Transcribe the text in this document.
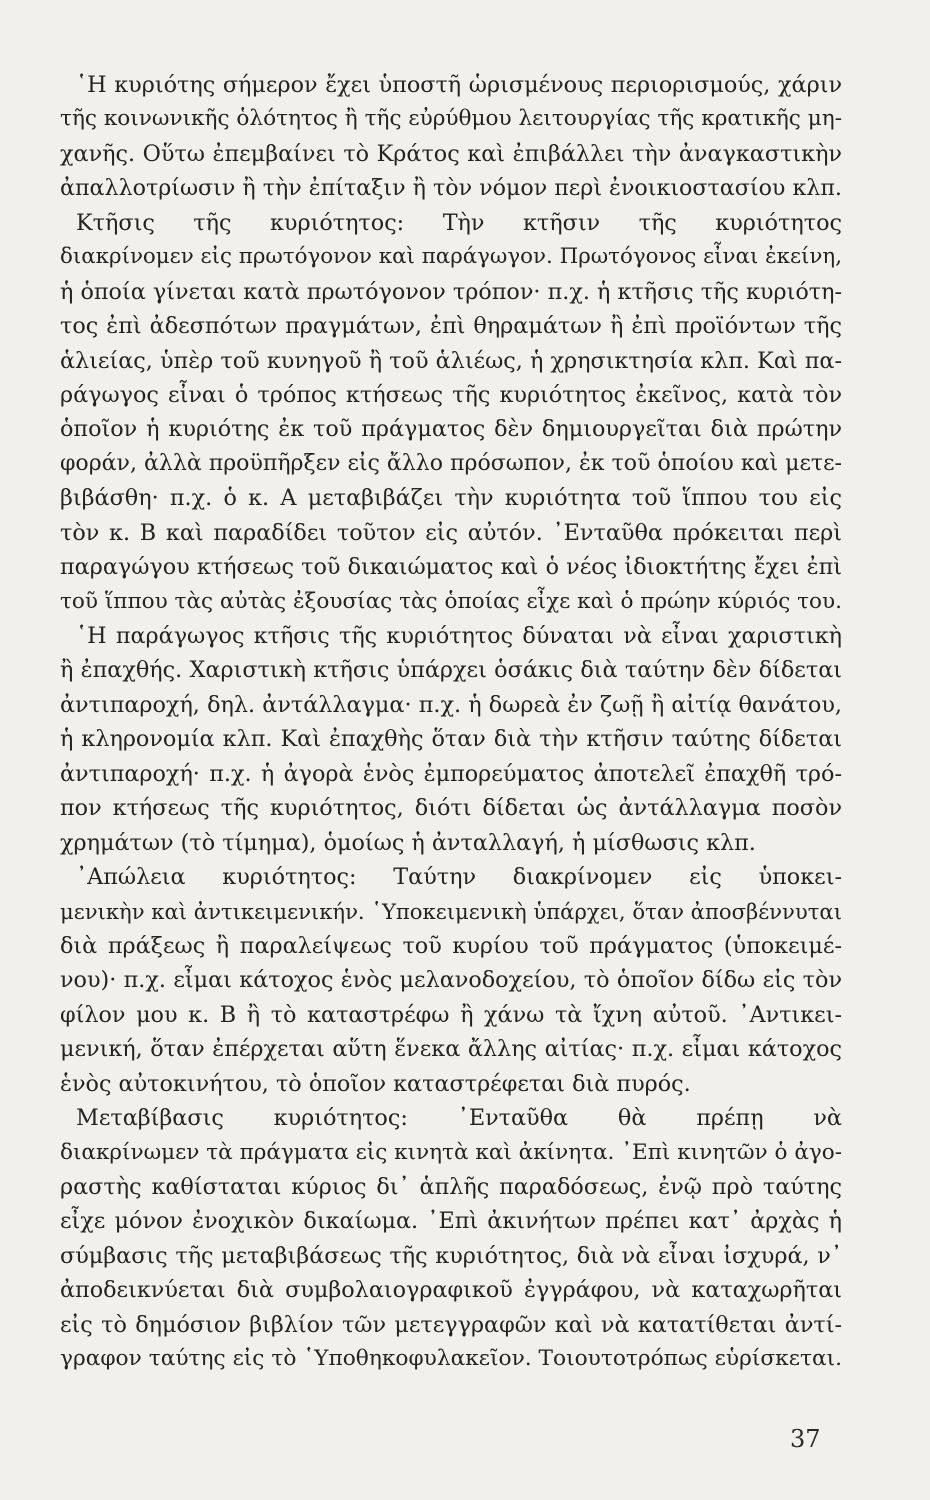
῾Η κυριότης σήμερον ἔχει ὑποστῆ ὡρισμένους περιορισμούς, χάριν
τῆς κοινωνικῆς ὁλότητος ἢ τῆς εὐρύθμου λειτουργίας τῆς κρατικῆς μη-
χανῆς. Οὕτω ἐπεμβαίνει τὸ Κράτος καὶ ἐπιβάλλει τὴν ἀναγκαστικὴν
ἀπαλλοτρίωσιν ἢ τὴν ἐπίταξιν ἢ τὸν νόμον περὶ ἐνοικιοστασίου κλπ.
Κτῆσις τῆς κυριότητος: Τὴν κτῆσιν τῆς κυριότητος
διακρίνομεν εἰς πρωτόγονον καὶ παράγωγον. Πρωτόγονος εἶναι ἐκείνη,
ἡ ὁποία γίνεται κατὰ πρωτόγονον τρόπον· π.χ. ἡ κτῆσις τῆς κυριότη-
τος ἐπὶ ἀδεσπότων πραγμάτων, ἐπὶ θηραμάτων ἢ ἐπὶ προϊόντων τῆς
ἁλιείας, ὑπὲρ τοῦ κυνηγοῦ ἢ τοῦ ἁλιέως, ἡ χρησικτησία κλπ. Καὶ πα-
ράγωγος εἶναι ὁ τρόπος κτήσεως τῆς κυριότητος ἐκεῖνος, κατὰ τὸν
ὁποῖον ἡ κυριότης ἐκ τοῦ πράγματος δὲν δημιουργεῖται διὰ πρώτην
φοράν, ἀλλὰ προϋπῆρξεν εἰς ἄλλο πρόσωπον, ἐκ τοῦ ὁποίου καὶ μετε-
βιβάσθη· π.χ. ὁ κ. Α μεταβιβάζει τὴν κυριότητα τοῦ ἵππου του εἰς
τὸν κ. Β καὶ παραδίδει τοῦτον εἰς αὐτόν. ᾿Ενταῦθα πρόκειται περὶ
παραγώγου κτήσεως τοῦ δικαιώματος καὶ ὁ νέος ἰδιοκτήτης ἔχει ἐπὶ
τοῦ ἵππου τὰς αὐτὰς ἐξουσίας τὰς ὁποίας εἶχε καὶ ὁ πρώην κύριός του.
῾Η παράγωγος κτῆσις τῆς κυριότητος δύναται νὰ εἶναι χαριστικὴ
ἢ ἐπαχθής. Χαριστικὴ κτῆσις ὑπάρχει ὁσάκις διὰ ταύτην δὲν δίδεται
ἀντιπαροχή, δηλ. ἀντάλλαγμα· π.χ. ἡ δωρεὰ ἐν ζωῇ ἢ αἰτίᾳ θανάτου,
ἡ κληρονομία κλπ. Καὶ ἐπαχθὴς ὅταν διὰ τὴν κτῆσιν ταύτης δίδεται
ἀντιπαροχή· π.χ. ἡ ἀγορὰ ἑνὸς ἐμπορεύματος ἀποτελεῖ ἐπαχθῆ τρό-
πον κτήσεως τῆς κυριότητος, διότι δίδεται ὡς ἀντάλλαγμα ποσὸν
χρημάτων (τὸ τίμημα), ὁμοίως ἡ ἀνταλλαγή, ἡ μίσθωσις κλπ.
᾿Απώλεια κυριότητος: Ταύτην διακρίνομεν εἰς ὑποκει-
μενικὴν καὶ ἀντικειμενικήν. ῾Υποκειμενικὴ ὑπάρχει, ὅταν ἀποσβέννυται
διὰ πράξεως ἢ παραλείψεως τοῦ κυρίου τοῦ πράγματος (ὑποκειμέ-
νου)· π.χ. εἶμαι κάτοχος ἑνὸς μελανοδοχείου, τὸ ὁποῖον δίδω εἰς τὸν
φίλον μου κ. Β ἢ τὸ καταστρέφω ἢ χάνω τὰ ἴχνη αὐτοῦ. ᾿Αντικει-
μενική, ὅταν ἐπέρχεται αὕτη ἕνεκα ἄλλης αἰτίας· π.χ. εἶμαι κάτοχος
ἑνὸς αὐτοκινήτου, τὸ ὁποῖον καταστρέφεται διὰ πυρός.
Μεταβίβασις κυριότητος: ᾿Ενταῦθα θὰ πρέπῃ νὰ
διακρίνωμεν τὰ πράγματα εἰς κινητὰ καὶ ἀκίνητα. ᾿Επὶ κινητῶν ὁ ἀγο-
ραστὴς καθίσταται κύριος δι᾿ ἁπλῆς παραδόσεως, ἐνῷ πρὸ ταύτης
εἶχε μόνον ἐνοχικὸν δικαίωμα. ᾿Επὶ ἀκινήτων πρέπει κατ᾿ ἀρχὰς ἡ
σύμβασις τῆς μεταβιβάσεως τῆς κυριότητος, διὰ νὰ εἶναι ἰσχυρά, ν᾿
ἀποδεικνύεται διὰ συμβολαιογραφικοῦ ἐγγράφου, νὰ καταχωρῆται
εἰς τὸ δημόσιον βιβλίον τῶν μετεγγραφῶν καὶ νὰ κατατίθεται ἀντί-
γραφον ταύτης εἰς τὸ ῾Υποθηκοφυλακεῖον. Τοιουτοτρόπως εὑρίσκεται.
37
